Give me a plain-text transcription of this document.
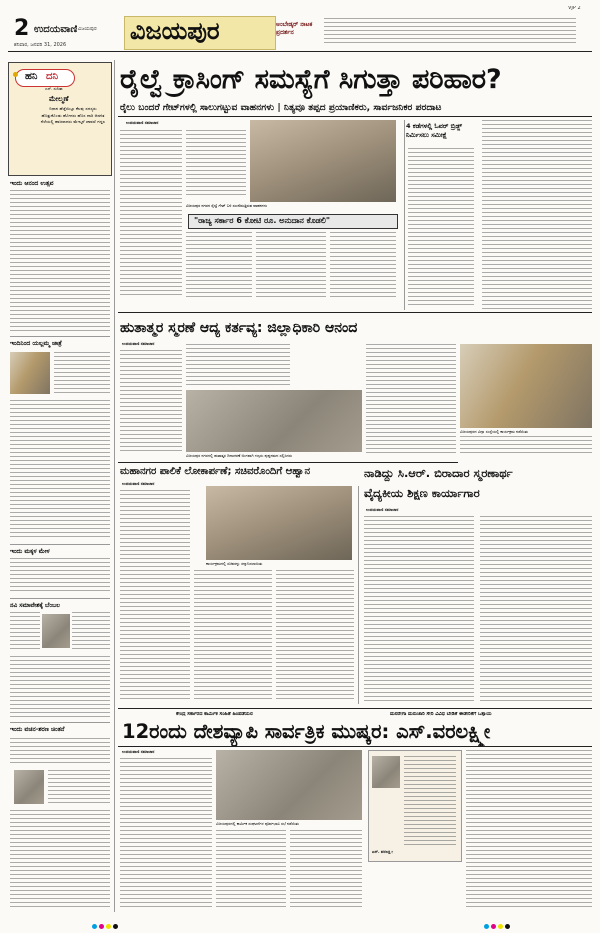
2 ಉದಯವಾಣಿ ವಿಜಯಪುರ
ಶನಿವಾರ, ಜನವರಿ 31, 2026	ವಿಜಯಪುರ	ಅಂಬೇಡ್ಕರ್ ನಾಟಕ ಪ್ರದರ್ಶನ
VJP 2
ಹನಿ ದನಿ
ಎಸ್. ಸುನಿತಾ
ಮೇಲ್ಮಣೆ
ನಿಧಾನ ಹೆಜ್ಜೆಯಿಟ್ಟು ಕೆಲವು ಸದಸ್ಯರು ಹೊತ್ತುಕೊಂಡು ಹೋದರು ಹೊಸ ದಾರಿ ಆಡಳಿತ ನೆಲೆಯಲ್ಲಿ ಹಾಜರಾದರು ಮೇಲ್ಮನೆ ಚಾವಣಿ ಗದ್ದಲ
ಇಂದು ಆನಂದ ಉತ್ಸವ
ಇಂದಿನಿಂದ ಯಲ್ಲಮ್ಮ ಜಾತ್ರೆ
ಇಂದು ಮಕ್ಕಳ ಮೇಳ
ನವಿ ಸಮಾವೇಶಕ್ಕೆ ಬೆಂಬಲ
ಇಂದು ವಚನ-ಶರಣ ಚಿಂತನೆ
ರೈಲ್ವೆ ಕ್ರಾಸಿಂಗ್ ಸಮಸ್ಯೆಗೆ ಸಿಗುತ್ತಾ ಪರಿಹಾರ?
ರೈಲು ಬಂದರೆ ಗೇಟ್‌ಗಳಲ್ಲಿ ಸಾಲುಗಟ್ಟುವ ವಾಹನಗಳು | ನಿತ್ಯವೂ ತಪ್ಪದ ಪ್ರಯಾಣಿಕರು, ಸಾರ್ವಜನಿಕರ ಪರದಾಟ
ಉದಯವಾಣಿ ಸಮಾಚಾರ
ವಿಜಯಪುರ ನಗರದ ರೈಲ್ವೆ ಗೇಟ್ ಬಳಿ ಸಂಚರಿಸುತ್ತಿರುವ ವಾಹನಗಳು
"ರಾಜ್ಯ ಸರ್ಕಾರ 6 ಕೋಟಿ ರೂ. ಅನುದಾನ ಕೊಡಲಿ"
4 ಕಡೆಗಳಲ್ಲಿ ಓವರ್ ಬ್ರಿಡ್ಜ್ ನಿರ್ಮಿಸಲು ಸಮೀಕ್ಷೆ
ಹುತಾತ್ಮರ ಸ್ಮರಣೆ ಆದ್ಯ ಕರ್ತವ್ಯ: ಜಿಲ್ಲಾಧಿಕಾರಿ ಆನಂದ
ಉದಯವಾಣಿ ಸಮಾಚಾರ
ವಿಜಯಪುರ ನಗರದಲ್ಲಿ ಹುತಾತ್ಮರ ದಿನಾಚರಣೆ ಅಂಗವಾಗಿ ಗಣ್ಯರು ಪುಷ್ಪನಮನ ಸಲ್ಲಿಸಿದರು
ವಿಜಯಪುರದ ವಿದ್ಯಾ ಸಂಸ್ಥೆಯಲ್ಲಿ ಕಾರ್ಯಕ್ರಮ ನಡೆಯಿತು
ಮಹಾನಗರ ಪಾಲಿಕೆ ಲೋಕಾರ್ಪಣೆ; ಸಚಿವರೊಂದಿಗೆ ಆಹ್ವಾನ
ಉದಯವಾಣಿ ಸಮಾಚಾರ
ಕಾರ್ಯಕ್ರಮದಲ್ಲಿ ಸಚಿವರನ್ನು ಸನ್ಮಾನಿಸಲಾಯಿತು
ನಾಡಿದ್ದು ಸಿ.ಆರ್. ಬಿರಾದಾರ ಸ್ಮರಣಾರ್ಥ
ವೈದ್ಯಕೀಯ ಶಿಕ್ಷಣ ಕಾರ್ಯಾಗಾರ
ಉದಯವಾಣಿ ಸಮಾಚಾರ
ಕೇಂದ್ರ ಸರ್ಕಾರದ ಕಾರ್ಮಿಕ ಸಂಹಿತೆ ಹಿಂಪಡೆಯಲಿ	ಮನರೇಗಾ ಮರುಜಾರಿ ಸೇರಿ ವಿವಿಧ ಬೇಡಿಕೆ ಈಡೇರಿಕೆಗೆ ಒತ್ತಾಯ
12ರಂದು ದೇಶವ್ಯಾಪಿ ಸಾರ್ವತ್ರಿಕ ಮುಷ್ಕರ: ಎಸ್.ವರಲಕ್ಷ್ಮೀ
ಉದಯವಾಣಿ ಸಮಾಚಾರ
ವಿಜಯಪುರದಲ್ಲಿ ಕಾರ್ಮಿಕ ಸಂಘಟನೆಗಳ ಪೂರ್ವಭಾವಿ ಸಭೆ ನಡೆಯಿತು
ಎಸ್. ವರಲಕ್ಷ್ಮೀ
